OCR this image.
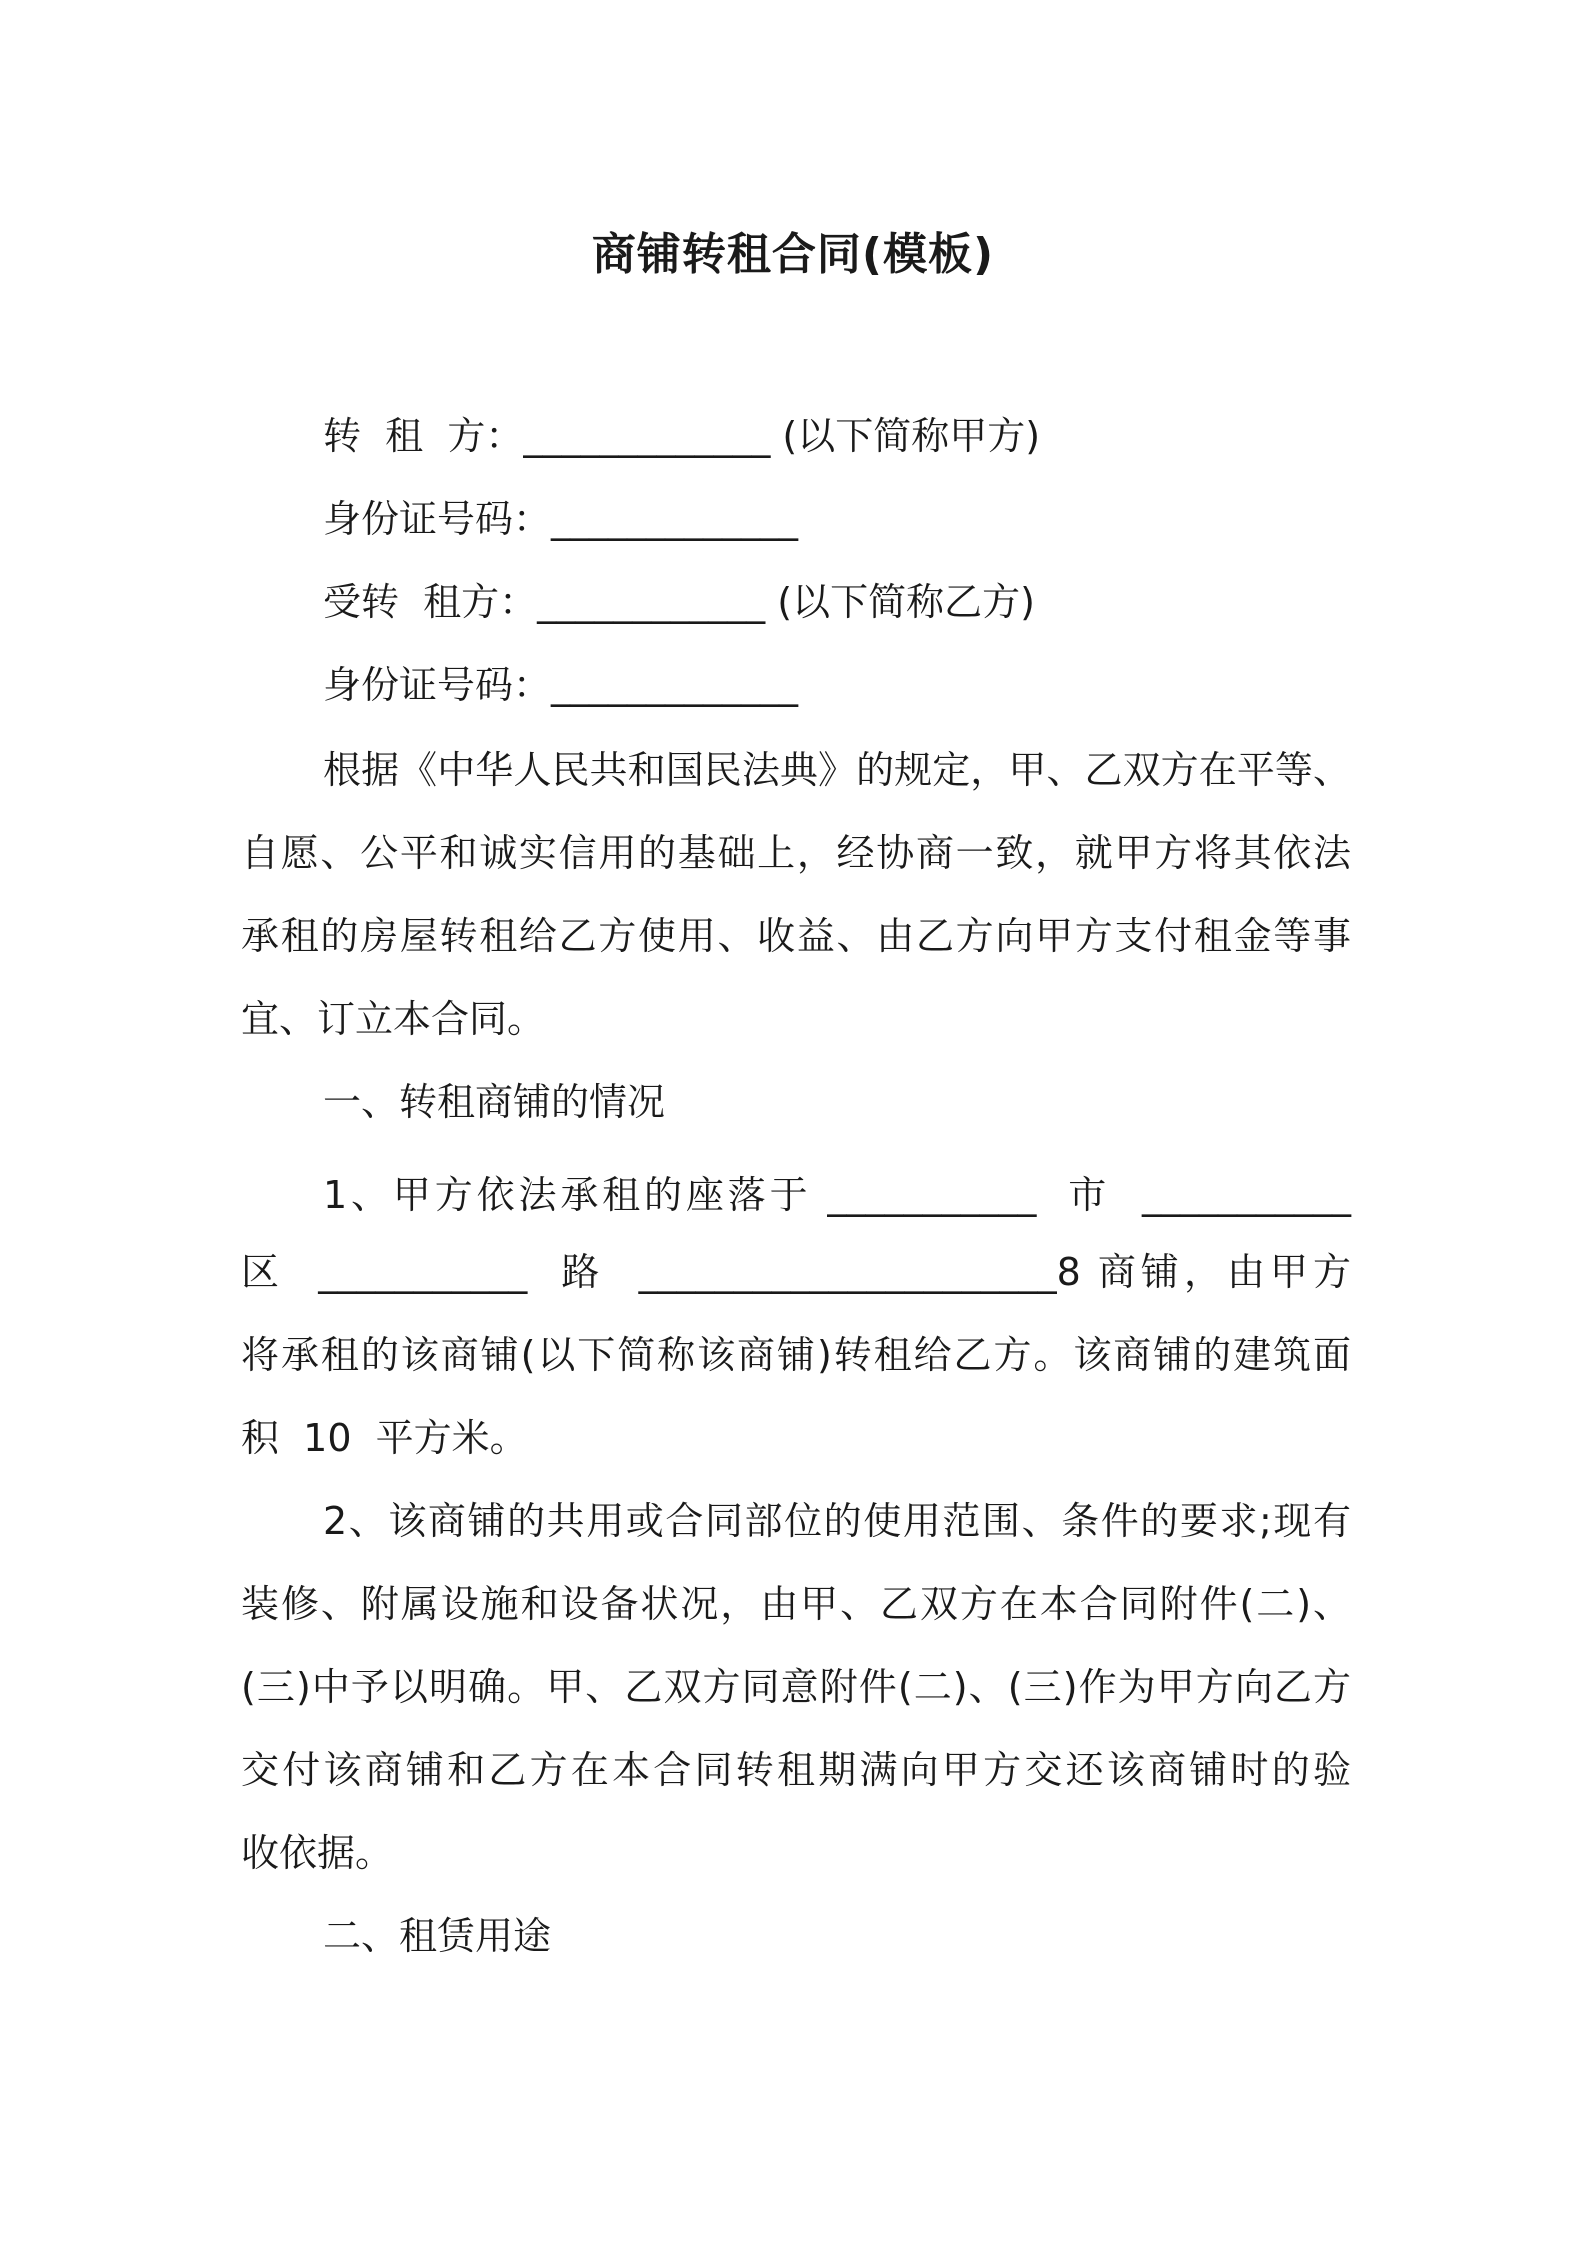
商铺转租合同(模板)
转  租  方：_____________ (以下简称甲方)
身份证号码：_____________
受转  租方：____________ (以下简称乙方)
身份证号码：_____________
根据《中华人民共和国民法典》的规定，甲、乙双方在平等、
自愿、公平和诚实信用的基础上，经协商一致，就甲方将其依法
承租的房屋转租给乙方使用、收益、由乙方向甲方支付租金等事
宜、订立本合同。
一、转租商铺的情况
1、甲方依法承租的座落于 ___________  市  ___________
区  ___________  路  ______________________8 商铺，由甲方
将承租的该商铺(以下简称该商铺)转租给乙方。该商铺的建筑面
积  10  平方米。
2、该商铺的共用或合同部位的使用范围、条件的要求;现有
装修、附属设施和设备状况，由甲、乙双方在本合同附件(二)、
(三)中予以明确。甲、乙双方同意附件(二)、(三)作为甲方向乙方
交付该商铺和乙方在本合同转租期满向甲方交还该商铺时的验
收依据。
二、租赁用途
